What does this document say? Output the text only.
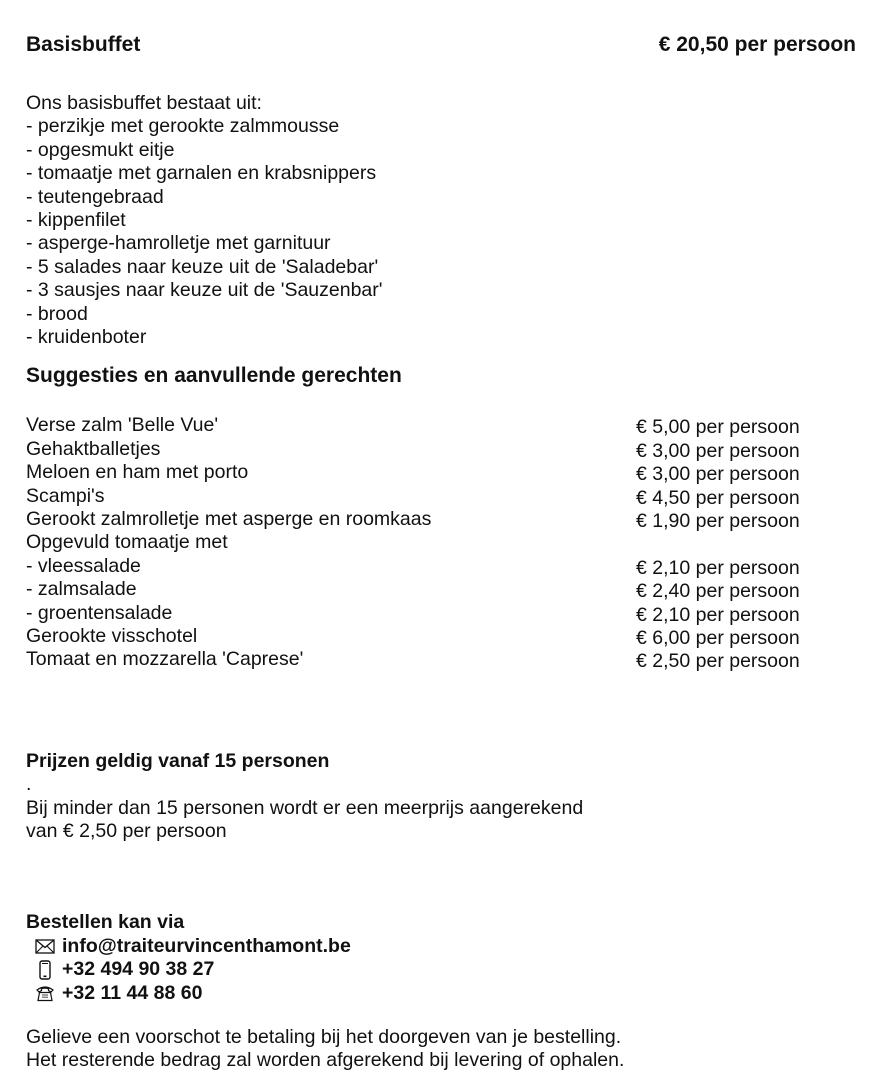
Basisbuffet	€ 20,50 per persoon
Ons basisbuffet bestaat uit:
- perzikje met gerookte zalmmousse
- opgesmukt eitje
- tomaatje met garnalen en krabsnippers
- teutengebraad
- kippenfilet
- asperge-hamrolletje met garnituur
- 5 salades naar keuze uit de 'Saladebar'
- 3 sausjes naar keuze uit de 'Sauzenbar'
- brood
- kruidenboter
Suggesties en aanvullende gerechten
Verse zalm 'Belle Vue'	€ 5,00 per persoon
Gehaktballetjes	€ 3,00 per persoon
Meloen en ham met porto	€ 3,00 per persoon
Scampi's	€ 4,50 per persoon
Gerookt zalmrolletje met asperge en roomkaas	€ 1,90 per persoon
Opgevuld tomaatje met
- vleessalade	€ 2,10 per persoon
- zalmsalade	€ 2,40 per persoon
- groentensalade	€ 2,10 per persoon
Gerookte visschotel	€ 6,00 per persoon
Tomaat en mozzarella 'Caprese'	€ 2,50 per persoon
Prijzen geldig vanaf 15 personen
.
Bij minder dan 15 personen wordt er een meerprijs aangerekend
van € 2,50 per persoon
Bestellen kan via
info@traiteurvincenthamont.be
+32 494 90 38 27
+32 11 44 88 60
Gelieve een voorschot te betaling bij het doorgeven van je bestelling.
Het resterende bedrag zal worden afgerekend bij levering of ophalen.
